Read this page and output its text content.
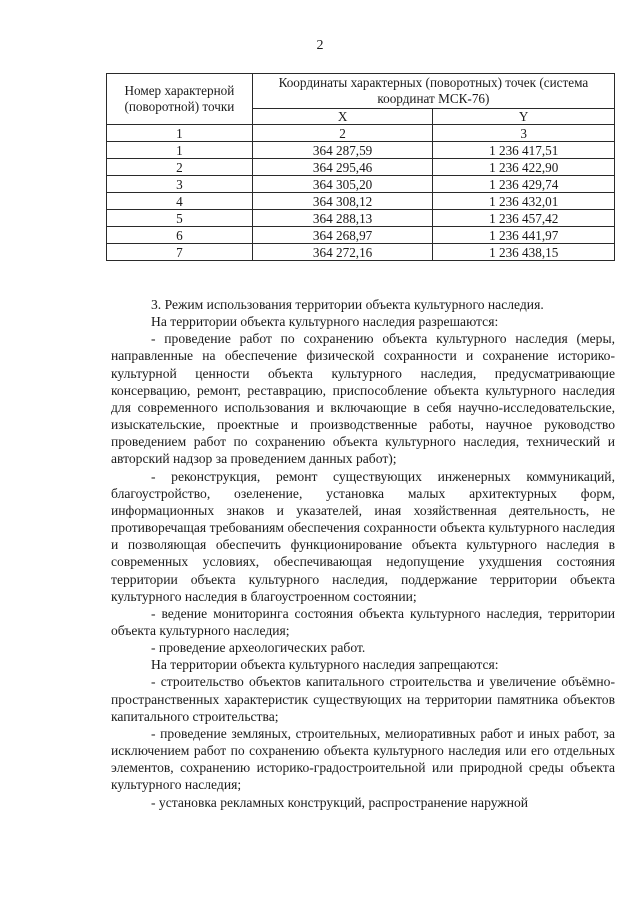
2
Номер характерной (поворотной) точки	Координаты характерных (поворотных) точек (система координат МСК-76)	
	X	Y
1	2	3
1	364 287,59	1 236 417,51
2	364 295,46	1 236 422,90
3	364 305,20	1 236 429,74
4	364 308,12	1 236 432,01
5	364 288,13	1 236 457,42
6	364 268,97	1 236 441,97
7	364 272,16	1 236 438,15

3. Режим использования территории объекта культурного наследия.

На территории объекта культурного наследия разрешаются:

- проведение работ по сохранению объекта культурного наследия (меры, направленные на обеспечение физической сохранности и сохранение историко-культурной ценности объекта культурного наследия, предусматривающие консервацию, ремонт, реставрацию, приспособление объекта культурного наследия для современного использования и включающие в себя научно-исследовательские, изыскательские, проектные и производственные работы, научное руководство проведением работ по сохранению объекта культурного наследия, технический и авторский надзор за проведением данных работ);

- реконструкция, ремонт существующих инженерных коммуникаций, благоустройство, озеленение, установка малых архитектурных форм, информационных знаков и указателей, иная хозяйственная деятельность, не противоречащая требованиям обеспечения сохранности объекта культурного наследия и позволяющая обеспечить функционирование объекта культурного наследия в современных условиях, обеспечивающая недопущение ухудшения состояния территории объекта культурного наследия, поддержание территории объекта культурного наследия в благоустроенном состоянии;

- ведение мониторинга состояния объекта культурного наследия, территории объекта культурного наследия;

- проведение археологических работ.

На территории объекта культурного наследия запрещаются:

- строительство объектов капитального строительства и увеличение объёмно-пространственных характеристик существующих на территории памятника объектов капитального строительства;

- проведение земляных, строительных, мелиоративных работ и иных работ, за исключением работ по сохранению объекта культурного наследия или его отдельных элементов, сохранению историко-градостроительной или природной среды объекта культурного наследия;

- установка рекламных конструкций, распространение наружной
